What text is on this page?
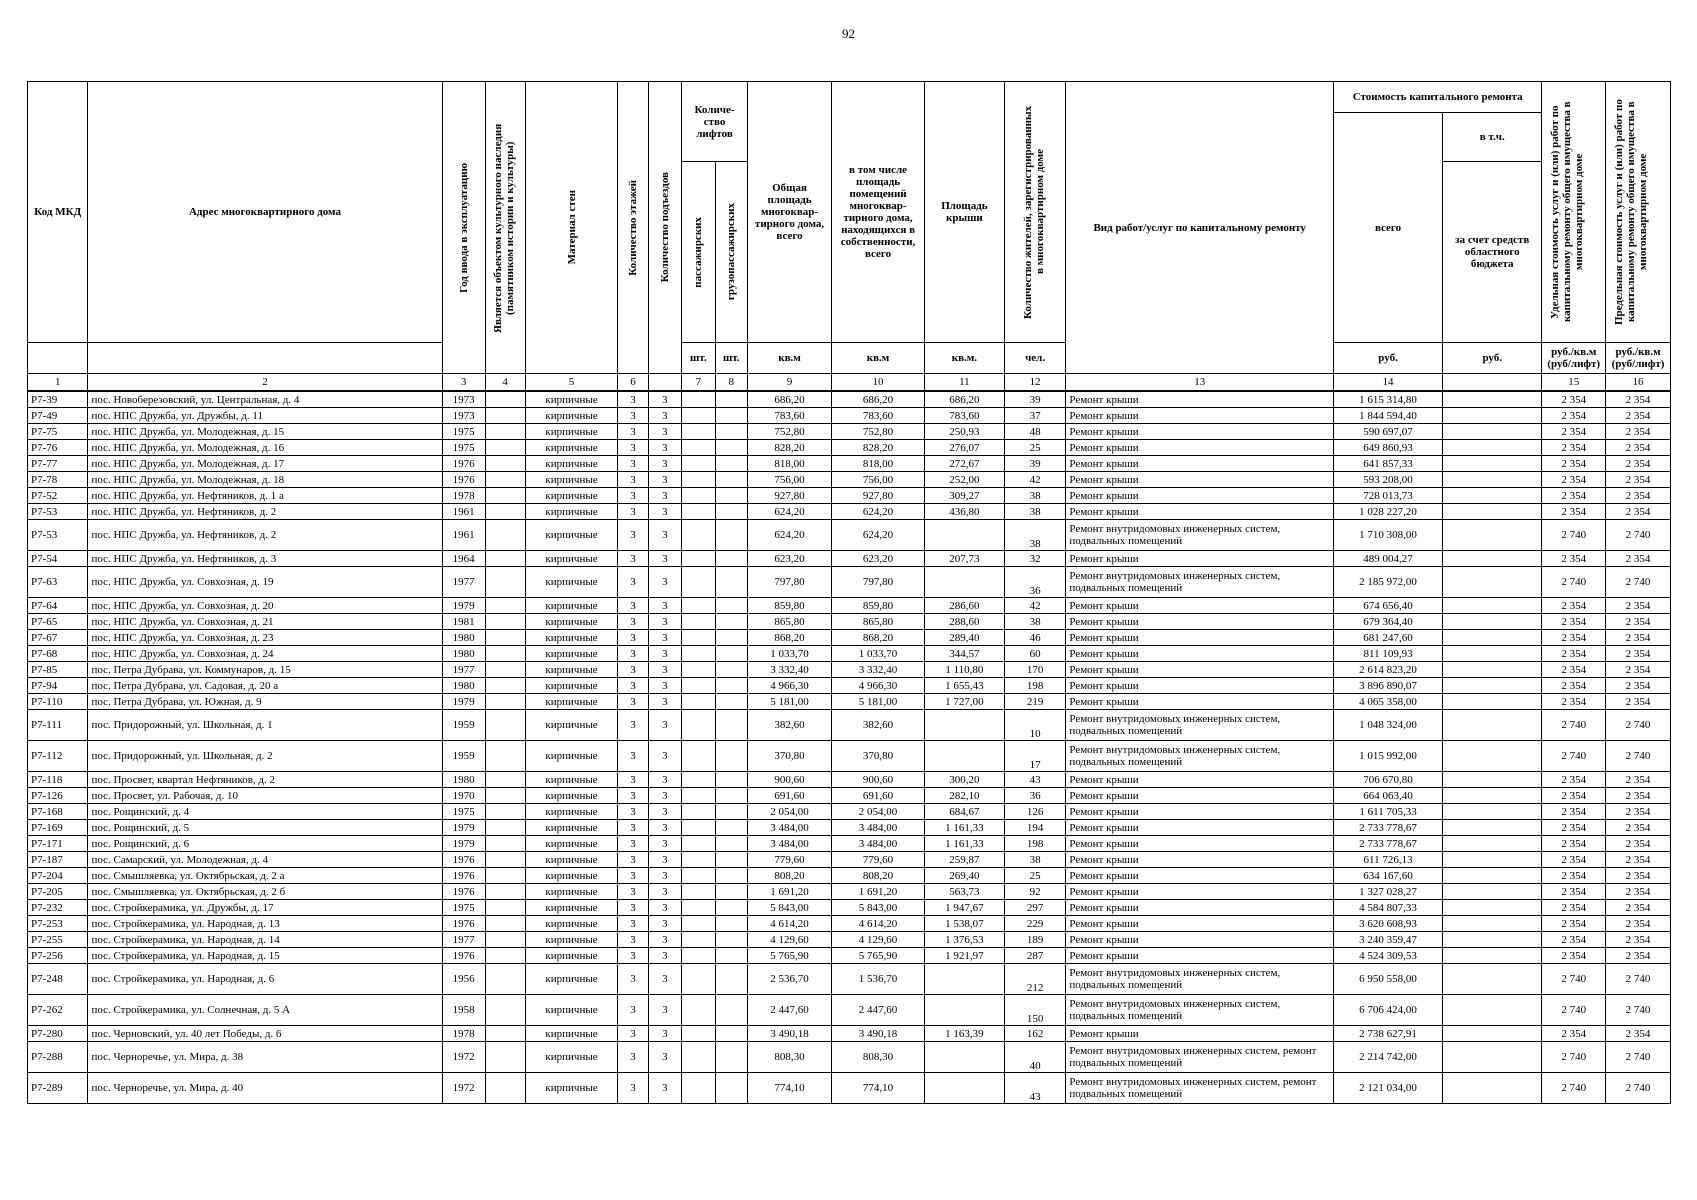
92
Код МКД	Адрес многоквартирного дома	Год ввода в эксплуатацию	Является объектом культурного наследия (памятником истории и культуры)	Материал стен	Количество этажей	Количество подъездов	Количе-ство лифтов		Общая площадь многоквар-тирного дома, всего	в том числе площадь помещений многоквар-тирного дома, находящихся в собственности, всего	Площадь крыши	Количество жителей, зарегистрированных в многоквартирном доме	Вид работ/услуг по капитальному ремонту	Стоимость капитального ремонта		Удельная стоимость услуг и (или) работ по капитальному ремонту общего имущества в многоквартирном доме	Предельная стоимость услуг и (или) работ по капитальному ремонту общего имущества в многоквартирном доме

														всего	в т.ч.		

							пассажирских	грузопассажирских							за счет средств областного бюджета		
							шт.	шт.	кв.м	кв.м	кв.м.	чел.		руб.	руб.	руб./кв.м (руб/лифт)	руб./кв.м (руб/лифт)
1	2	3	4	5	6		7	8	9	10	11	12	13	14		15	16
Р7-39	пос. Новоберезовский, ул. Центральная, д. 4	1973		кирпичные	3	3			686,20	686,20	686,20	39	Ремонт крыши	1 615 314,80		2 354	2 354
Р7-49	пос. НПС Дружба, ул. Дружбы, д. 11	1973		кирпичные	3	3			783,60	783,60	783,60	37	Ремонт крыши	1 844 594,40		2 354	2 354
Р7-75	пос. НПС Дружба, ул. Молодежная, д. 15	1975		кирпичные	3	3			752,80	752,80	250,93	48	Ремонт крыши	590 697,07		2 354	2 354
Р7-76	пос. НПС Дружба, ул. Молодежная, д. 16	1975		кирпичные	3	3			828,20	828,20	276,07	25	Ремонт крыши	649 860,93		2 354	2 354
Р7-77	пос. НПС Дружба, ул. Молодежная, д. 17	1976		кирпичные	3	3			818,00	818,00	272,67	39	Ремонт крыши	641 857,33		2 354	2 354
Р7-78	пос. НПС Дружба, ул. Молодежная, д. 18	1976		кирпичные	3	3			756,00	756,00	252,00	42	Ремонт крыши	593 208,00		2 354	2 354
Р7-52	пос. НПС Дружба, ул. Нефтяников, д. 1 а	1978		кирпичные	3	3			927,80	927,80	309,27	38	Ремонт крыши	728 013,73		2 354	2 354
Р7-53	пос. НПС Дружба, ул. Нефтяников, д. 2	1961		кирпичные	3	3			624,20	624,20	436,80	38	Ремонт крыши	1 028 227,20		2 354	2 354
Р7-53	пос. НПС Дружба, ул. Нефтяников, д. 2	1961		кирпичные	3	3			624,20	624,20		38	Ремонт внутридомовых инженерных систем, подвальных помещений	1 710 308,00		2 740	2 740
Р7-54	пос. НПС Дружба, ул. Нефтяников, д. 3	1964		кирпичные	3	3			623,20	623,20	207,73	32	Ремонт крыши	489 004,27		2 354	2 354
Р7-63	пос. НПС Дружба, ул. Совхозная, д. 19	1977		кирпичные	3	3			797,80	797,80		36	Ремонт внутридомовых инженерных систем, подвальных помещений	2 185 972,00		2 740	2 740
Р7-64	пос. НПС Дружба, ул. Совхозная, д. 20	1979		кирпичные	3	3			859,80	859,80	286,60	42	Ремонт крыши	674 656,40		2 354	2 354
Р7-65	пос. НПС Дружба, ул. Совхозная, д. 21	1981		кирпичные	3	3			865,80	865,80	288,60	38	Ремонт крыши	679 364,40		2 354	2 354
Р7-67	пос. НПС Дружба, ул. Совхозная, д. 23	1980		кирпичные	3	3			868,20	868,20	289,40	46	Ремонт крыши	681 247,60		2 354	2 354
Р7-68	пос. НПС Дружба, ул. Совхозная, д. 24	1980		кирпичные	3	3			1 033,70	1 033,70	344,57	60	Ремонт крыши	811 109,93		2 354	2 354
Р7-85	пос. Петра Дубрава, ул. Коммунаров, д. 15	1977		кирпичные	3	3			3 332,40	3 332,40	1 110,80	170	Ремонт крыши	2 614 823,20		2 354	2 354
Р7-94	пос. Петра Дубрава, ул. Садовая, д. 20 а	1980		кирпичные	3	3			4 966,30	4 966,30	1 655,43	198	Ремонт крыши	3 896 890,07		2 354	2 354
Р7-110	пос. Петра Дубрава, ул. Южная, д. 9	1979		кирпичные	3	3			5 181,00	5 181,00	1 727,00	219	Ремонт крыши	4 065 358,00		2 354	2 354
Р7-111	пос. Придорожный, ул. Школьная, д. 1	1959		кирпичные	3	3			382,60	382,60		10	Ремонт внутридомовых инженерных систем, подвальных помещений	1 048 324,00		2 740	2 740
Р7-112	пос. Придорожный, ул. Школьная, д. 2	1959		кирпичные	3	3			370,80	370,80		17	Ремонт внутридомовых инженерных систем, подвальных помещений	1 015 992,00		2 740	2 740
Р7-118	пос. Просвет, квартал Нефтяников, д. 2	1980		кирпичные	3	3			900,60	900,60	300,20	43	Ремонт крыши	706 670,80		2 354	2 354
Р7-126	пос. Просвет, ул. Рабочая, д. 10	1970		кирпичные	3	3			691,60	691,60	282,10	36	Ремонт крыши	664 063,40		2 354	2 354
Р7-168	пос. Рощинский, д. 4	1975		кирпичные	3	3			2 054,00	2 054,00	684,67	126	Ремонт крыши	1 611 705,33		2 354	2 354
Р7-169	пос. Рощинский, д. 5	1979		кирпичные	3	3			3 484,00	3 484,00	1 161,33	194	Ремонт крыши	2 733 778,67		2 354	2 354
Р7-171	пос. Рощинский, д. 6	1979		кирпичные	3	3			3 484,00	3 484,00	1 161,33	198	Ремонт крыши	2 733 778,67		2 354	2 354
Р7-187	пос. Самарский, ул. Молодежная, д. 4	1976		кирпичные	3	3			779,60	779,60	259,87	38	Ремонт крыши	611 726,13		2 354	2 354
Р7-204	пос. Смышляевка, ул. Октябрьская, д. 2 а	1976		кирпичные	3	3			808,20	808,20	269,40	25	Ремонт крыши	634 167,60		2 354	2 354
Р7-205	пос. Смышляевка, ул. Октябрьская, д. 2 б	1976		кирпичные	3	3			1 691,20	1 691,20	563,73	92	Ремонт крыши	1 327 028,27		2 354	2 354
Р7-232	пос. Стройкерамика, ул. Дружбы, д. 17	1975		кирпичные	3	3			5 843,00	5 843,00	1 947,67	297	Ремонт крыши	4 584 807,33		2 354	2 354
Р7-253	пос. Стройкерамика, ул. Народная, д. 13	1976		кирпичные	3	3			4 614,20	4 614,20	1 538,07	229	Ремонт крыши	3 620 608,93		2 354	2 354
Р7-255	пос. Стройкерамика, ул. Народная, д. 14	1977		кирпичные	3	3			4 129,60	4 129,60	1 376,53	189	Ремонт крыши	3 240 359,47		2 354	2 354
Р7-256	пос. Стройкерамика, ул. Народная, д. 15	1976		кирпичные	3	3			5 765,90	5 765,90	1 921,97	287	Ремонт крыши	4 524 309,53		2 354	2 354
Р7-248	пос. Стройкерамика, ул. Народная, д. 6	1956		кирпичные	3	3			2 536,70	1 536,70		212	Ремонт внутридомовых инженерных систем, подвальных помещений	6 950 558,00		2 740	2 740
Р7-262	пос. Стройкерамика, ул. Солнечная, д. 5 А	1958		кирпичные	3	3			2 447,60	2 447,60		150	Ремонт внутридомовых инженерных систем, подвальных помещений	6 706 424,00		2 740	2 740
Р7-280	пос. Черновский, ул. 40 лет Победы, д. 6	1978		кирпичные	3	3			3 490,18	3 490,18	1 163,39	162	Ремонт крыши	2 738 627,91		2 354	2 354
Р7-288	пос. Черноречье, ул. Мира, д. 38	1972		кирпичные	3	3			808,30	808,30		40	Ремонт внутридомовых инженерных систем, ремонт подвальных помещений	2 214 742,00		2 740	2 740
Р7-289	пос. Черноречье, ул. Мира, д. 40	1972		кирпичные	3	3			774,10	774,10		43	Ремонт внутридомовых инженерных систем, ремонт подвальных помещений	2 121 034,00		2 740	2 740
